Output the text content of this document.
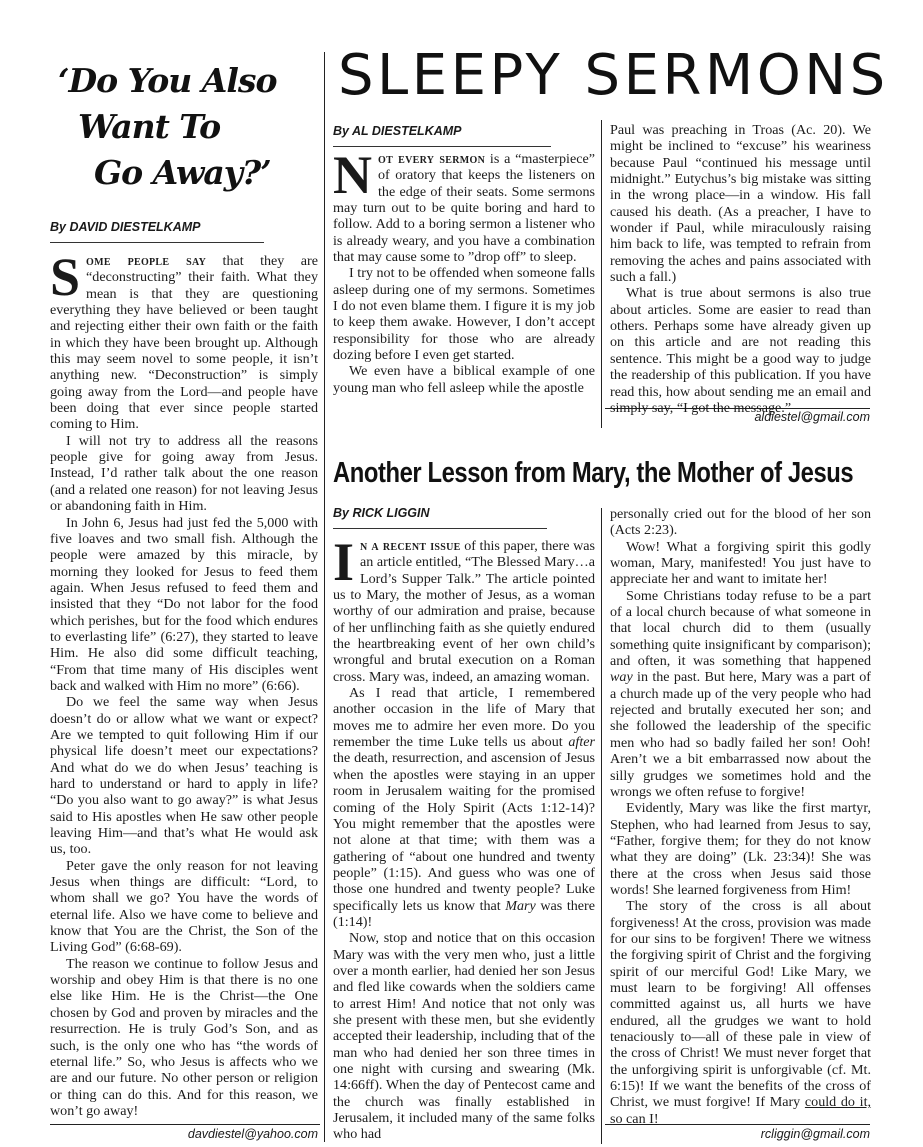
‘Do You Also
Want To
Go Away?’
By DAVID DIESTELKAMP

Some people say that they are “deconstructing” their faith. What they mean is that they are questioning everything they have believed or been taught and rejecting either their own faith or the faith in which they have been brought up. Although this may seem novel to some people, it isn’t anything new. “Deconstruction” is simply going away from the Lord—and people have been doing that ever since people started coming to Him.

I will not try to address all the reasons people give for going away from Jesus. Instead, I’d rather talk about the one reason (and a related one reason) for not leaving Jesus or abandoning faith in Him.

In John 6, Jesus had just fed the 5,000 with five loaves and two small fish. Although the people were amazed by this miracle, by morning they looked for Jesus to feed them again. When Jesus refused to feed them and insisted that they “Do not labor for the food which perishes, but for the food which endures to everlasting life” (6:27), they started to leave Him. He also did some difficult teaching, “From that time many of His disciples went back and walked with Him no more” (6:66).

Do we feel the same way when Jesus doesn’t do or allow what we want or expect? Are we tempted to quit following Him if our physical life doesn’t meet our expectations? And what do we do when Jesus’ teaching is hard to understand or hard to apply in life? “Do you also want to go away?” is what Jesus said to His apostles when He saw other people leaving Him—and that’s what He would ask us, too.

Peter gave the only reason for not leaving Jesus when things are difficult: “Lord, to whom shall we go? You have the words of eternal life. Also we have come to believe and know that You are the Christ, the Son of the Living God” (6:68-69).

The reason we continue to follow Jesus and worship and obey Him is that there is no one else like Him. He is the Christ—the One chosen by God and proven by miracles and the resurrection. He is truly God’s Son, and as such, is the only one who has “the words of eternal life.” So, who Jesus is affects who we are and our future. No other person or religion or thing can do this. And for this reason, we won’t go away!

davdiestel@yahoo.com
SLEEPY SERMONS
By AL DIESTELKAMP

Not every sermon is a “masterpiece” of oratory that keeps the listeners on the edge of their seats. Some sermons may turn out to be quite boring and hard to follow. Add to a boring sermon a listener who is already weary, and you have a combination that may cause some to ”drop off” to sleep.

I try not to be offended when someone falls asleep during one of my sermons. Sometimes I do not even blame them. I figure it is my job to keep them awake. However, I don’t accept responsibility for those who are already dozing before I even get started.

We even have a biblical example of one young man who fell asleep while the apostle

Paul was preaching in Troas (Ac. 20). We might be inclined to “excuse” his weariness because Paul “continued his message until midnight.” Eutychus’s big mistake was sitting in the wrong place—in a window. His fall caused his death. (As a preacher, I have to wonder if Paul, while miraculously raising him back to life, was tempted to refrain from removing the aches and pains associated with such a fall.)

What is true about sermons is also true about articles. Some are easier to read than others. Perhaps some have already given up on this article and are not reading this sentence. This might be a good way to judge the readership of this publication. If you have read this, how about sending me an email and simply say, “I got the message.”

aldiestel@gmail.com
Another Lesson from Mary, the Mother of Jesus
By RICK LIGGIN

In a recent issue of this paper, there was an article entitled, “The Blessed Mary…a Lord’s Supper Talk.” The article pointed us to Mary, the mother of Jesus, as a woman worthy of our admiration and praise, because of her unflinching faith as she quietly endured the heartbreaking event of her own child’s wrongful and brutal execution on a Roman cross. Mary was, indeed, an amazing woman.

As I read that article, I remembered another occasion in the life of Mary that moves me to admire her even more. Do you remember the time Luke tells us about after the death, resurrection, and ascension of Jesus when the apostles were staying in an upper room in Jerusalem waiting for the promised coming of the Holy Spirit (Acts 1:12-14)? You might remember that the apostles were not alone at that time; with them was a gathering of “about one hundred and twenty people” (1:15). And guess who was one of those one hundred and twenty people? Luke specifically lets us know that Mary was there (1:14)!

Now, stop and notice that on this occasion Mary was with the very men who, just a little over a month earlier, had denied her son Jesus and fled like cowards when the soldiers came to arrest Him! And notice that not only was she present with these men, but she evidently accepted their leadership, including that of the man who had denied her son three times in one night with cursing and swearing (Mk. 14:66ff). When the day of Pentecost came and the church was finally established in Jerusalem, it included many of the same folks who had

personally cried out for the blood of her son (Acts 2:23).

Wow! What a forgiving spirit this godly woman, Mary, manifested! You just have to appreciate her and want to imitate her!

Some Christians today refuse to be a part of a local church because of what someone in that local church did to them (usually something quite insignificant by comparison); and often, it was something that happened way in the past. But here, Mary was a part of a church made up of the very people who had rejected and brutally executed her son; and she followed the leadership of the specific men who had so badly failed her son! Ooh! Aren’t we a bit embarrassed now about the silly grudges we sometimes hold and the wrongs we often refuse to forgive!

Evidently, Mary was like the first martyr, Stephen, who had learned from Jesus to say, “Father, forgive them; for they do not know what they are doing” (Lk. 23:34)! She was there at the cross when Jesus said those words! She learned forgiveness from Him!

The story of the cross is all about forgiveness! At the cross, provision was made for our sins to be forgiven! There we witness the forgiving spirit of Christ and the forgiving spirit of our merciful God! Like Mary, we must learn to be forgiving! All offenses committed against us, all hurts we have endured, all the grudges we want to hold tenaciously to—all of these pale in view of the cross of Christ! We must never forget that the unforgiving spirit is unforgivable (cf. Mt. 6:15)! If we want the benefits of the cross of Christ, we must forgive! If Mary could do it, so can I!

rcliggin@gmail.com
